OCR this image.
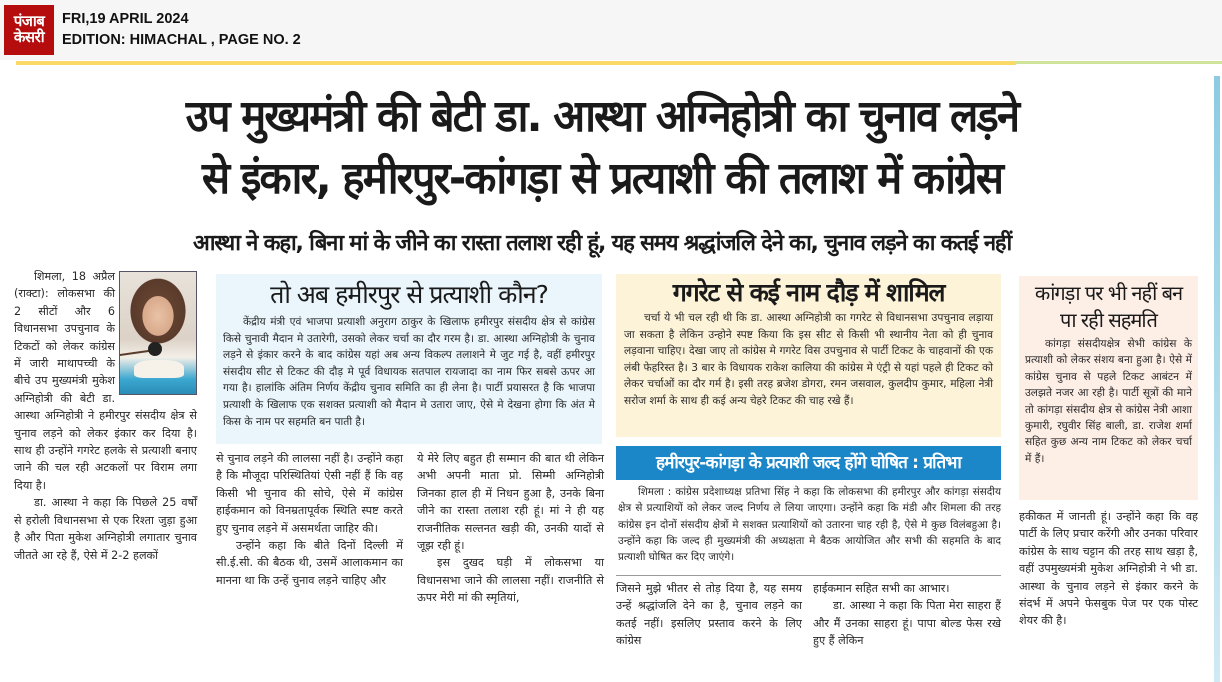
पंजाब
केसरी
FRI,19 APRIL 2024
EDITION: HIMACHAL , PAGE NO. 2
उप मुख्यमंत्री की बेटी डा. आस्था अग्निहोत्री का चुनाव लड़ने
से इंकार, हमीरपुर-कांगड़ा से प्रत्याशी की तलाश में कांग्रेस
आस्था ने कहा, बिना मां के जीने का रास्ता तलाश रही हूं, यह समय श्रद्धांजलि देने का, चुनाव लड़ने का कतई नहीं

शिमला, 18 अप्रैल (राक्टा): लोकसभा की 2 सीटों और 6 विधानसभा उपचुनाव के टिकटों को लेकर कांग्रेस में जारी माथापच्ची के बीचे उप मुख्यमंत्री मुकेश अग्निहोत्री की बेटी डा. आस्था अग्निहोत्री ने हमीरपुर संसदीय क्षेत्र से चुनाव लड़ने को लेकर इंकार कर दिया है। साथ ही उन्होंने गगरेट हलके से प्रत्याशी बनाए जाने की चल रही अटकलों पर विराम लगा दिया है।

डा. आस्था ने कहा कि पिछले 25 वर्षों से हरोली विधानसभा से एक रिश्ता जुड़ा हुआ है और पिता मुकेश अग्निहोत्री लगातार चुनाव जीतते आ रहे हैं, ऐसे में 2-2 हलकों

तो अब हमीरपुर से प्रत्याशी कौन?

केंद्रीय मंत्री एवं भाजपा प्रत्याशी अनुराग ठाकुर के खिलाफ हमीरपुर संसदीय क्षेत्र से कांग्रेस किसे चुनावी मैदान मे उतारेगी, उसको लेकर चर्चा का दौर गरम है। डा. आस्था अग्निहोत्री के चुनाव लड़ने से इंकार करने के बाद कांग्रेस यहां अब अन्य विकल्प तलाशने मे जुट गई है, वहीं हमीरपुर संसदीय सीट से टिकट की दौड़ मे पूर्व विधायक सतपाल रायजादा का नाम फिर सबसे ऊपर आ गया है। हालांकि अंतिम निर्णय केंद्रीय चुनाव समिति का ही लेना है। पार्टी प्रयासरत है कि भाजपा प्रत्याशी के खिलाफ एक सशक्त प्रत्याशी को मैदान मे उतारा जाए, ऐसे मे देखना होगा कि अंत मे किस के नाम पर सहमति बन पाती है।

से चुनाव लड़ने की लालसा नहीं है। उन्होंने कहा है कि मौजूदा परिस्थितियां ऐसी नहीं हैं कि वह किसी भी चुनाव की सोचे, ऐसे में कांग्रेस हाईकमान को विनम्रतापूर्वक स्थिति स्पष्ट करते हुए चुनाव लड़ने में असमर्थता जाहिर की।

उन्होंने कहा कि बीते दिनों दिल्ली में सी.ई.सी. की बैठक थी, उसमें आलाकमान का मानना था कि उन्हें चुनाव लड़ने चाहिए और

ये मेरे लिए बहुत ही सम्मान की बात थी लेकिन अभी अपनी माता प्रो. सिम्मी अग्निहोत्री जिनका हाल ही में निधन हुआ है, उनके बिना जीने का रास्ता तलाश रही हूं। मां ने ही यह राजनीतिक सल्तनत खड़ी की, उनकी यादों से जूझ रही हूं।

इस दुखद घड़ी में लोकसभा या विधानसभा जाने की लालसा नहीं। राजनीति से ऊपर मेरी मां की स्मृतियां,

गगरेट से कई नाम दौड़ में शामिल

चर्चा ये भी चल रही थी कि डा. आस्था अग्निहोत्री का गगरेट से विधानसभा उपचुनाव लड़ाया जा सकता है लेकिन उन्होने स्पष्ट किया कि इस सीट से किसी भी स्थानीय नेता को ही चुनाव लड़वाना चाहिए। देखा जाए तो कांग्रेस मे गगरेट विस उपचुनाव से पार्टी टिकट के चाहवानों की एक लंबी फेहरिस्त है। 3 बार के विधायक राकेश कालिया की कांग्रेस मे एंट्री से यहां पहले ही टिकट को लेकर चर्चाओं का दौर गर्म है। इसी तरह ब्रजेश डोगरा, रमन जसवाल, कुलदीप कुमार, महिला नेत्री सरोज शर्मा के साथ ही कई अन्य चेहरे टिकट की चाह रखे हैं।

हमीरपुर-कांगड़ा के प्रत्याशी जल्द होंगे घोषित : प्रतिभा

शिमला : कांग्रेस प्रदेशाध्यक्ष प्रतिभा सिंह ने कहा कि लोकसभा की हमीरपुर और कांगड़ा संसदीय क्षेत्र से प्रत्याशियों को लेकर जल्द निर्णय ले लिया जाएगा। उन्होंने कहा कि मंडी और शिमला की तरह कांग्रेस इन दोनों संसदीय क्षेत्रों मे सशक्त प्रत्याशियों को उतारना चाह रही है, ऐसे मे कुछ विलंबहुआ है। उन्होंने कहा कि जल्द ही मुख्यमंत्री की अध्यक्षता मे बैठक आयोजित और सभी की सहमति के बाद प्रत्याशी घोषित कर दिए जाएंगे।

जिसने मुझे भीतर से तोड़ दिया है, यह समय उन्हें श्रद्धांजलि देने का है, चुनाव लड़ने का कतई नहीं। इसलिए प्रस्ताव करने के लिए कांग्रेस

हाईकमान सहित सभी का आभार।

डा. आस्था ने कहा कि पिता मेरा साहरा हैं और मैं उनका साहरा हूं। पापा बोल्ड फेस रखे हुए हैं लेकिन

कांगड़ा पर भी नहीं बन पा रही सहमति

कांगड़ा संसदीयक्षेत्र सेभी कांग्रेस के प्रत्याशी को लेकर संशय बना हुआ है। ऐसे में कांग्रेस चुनाव से पहले टिकट आबंटन में उलझते नजर आ रही है। पार्टी सूत्रों की माने तो कांगड़ा संसदीय क्षेत्र से कांग्रेस नेत्री आशा कुमारी, रघुवीर सिंह बाली, डा. राजेश शर्मा सहित कुछ अन्य नाम टिकट को लेकर चर्चा में हैं।

हकीकत में जानती हूं। उन्होंने कहा कि वह पार्टी के लिए प्रचार करेंगी और उनका परिवार कांग्रेस के साथ चट्टान की तरह साथ खड़ा है, वहीं उपमुख्यमंत्री मुकेश अग्निहोत्री ने भी डा. आस्था के चुनाव लड़ने से इंकार करने के संदर्भ में अपने फेसबुक पेज पर एक पोस्ट शेयर की है।
